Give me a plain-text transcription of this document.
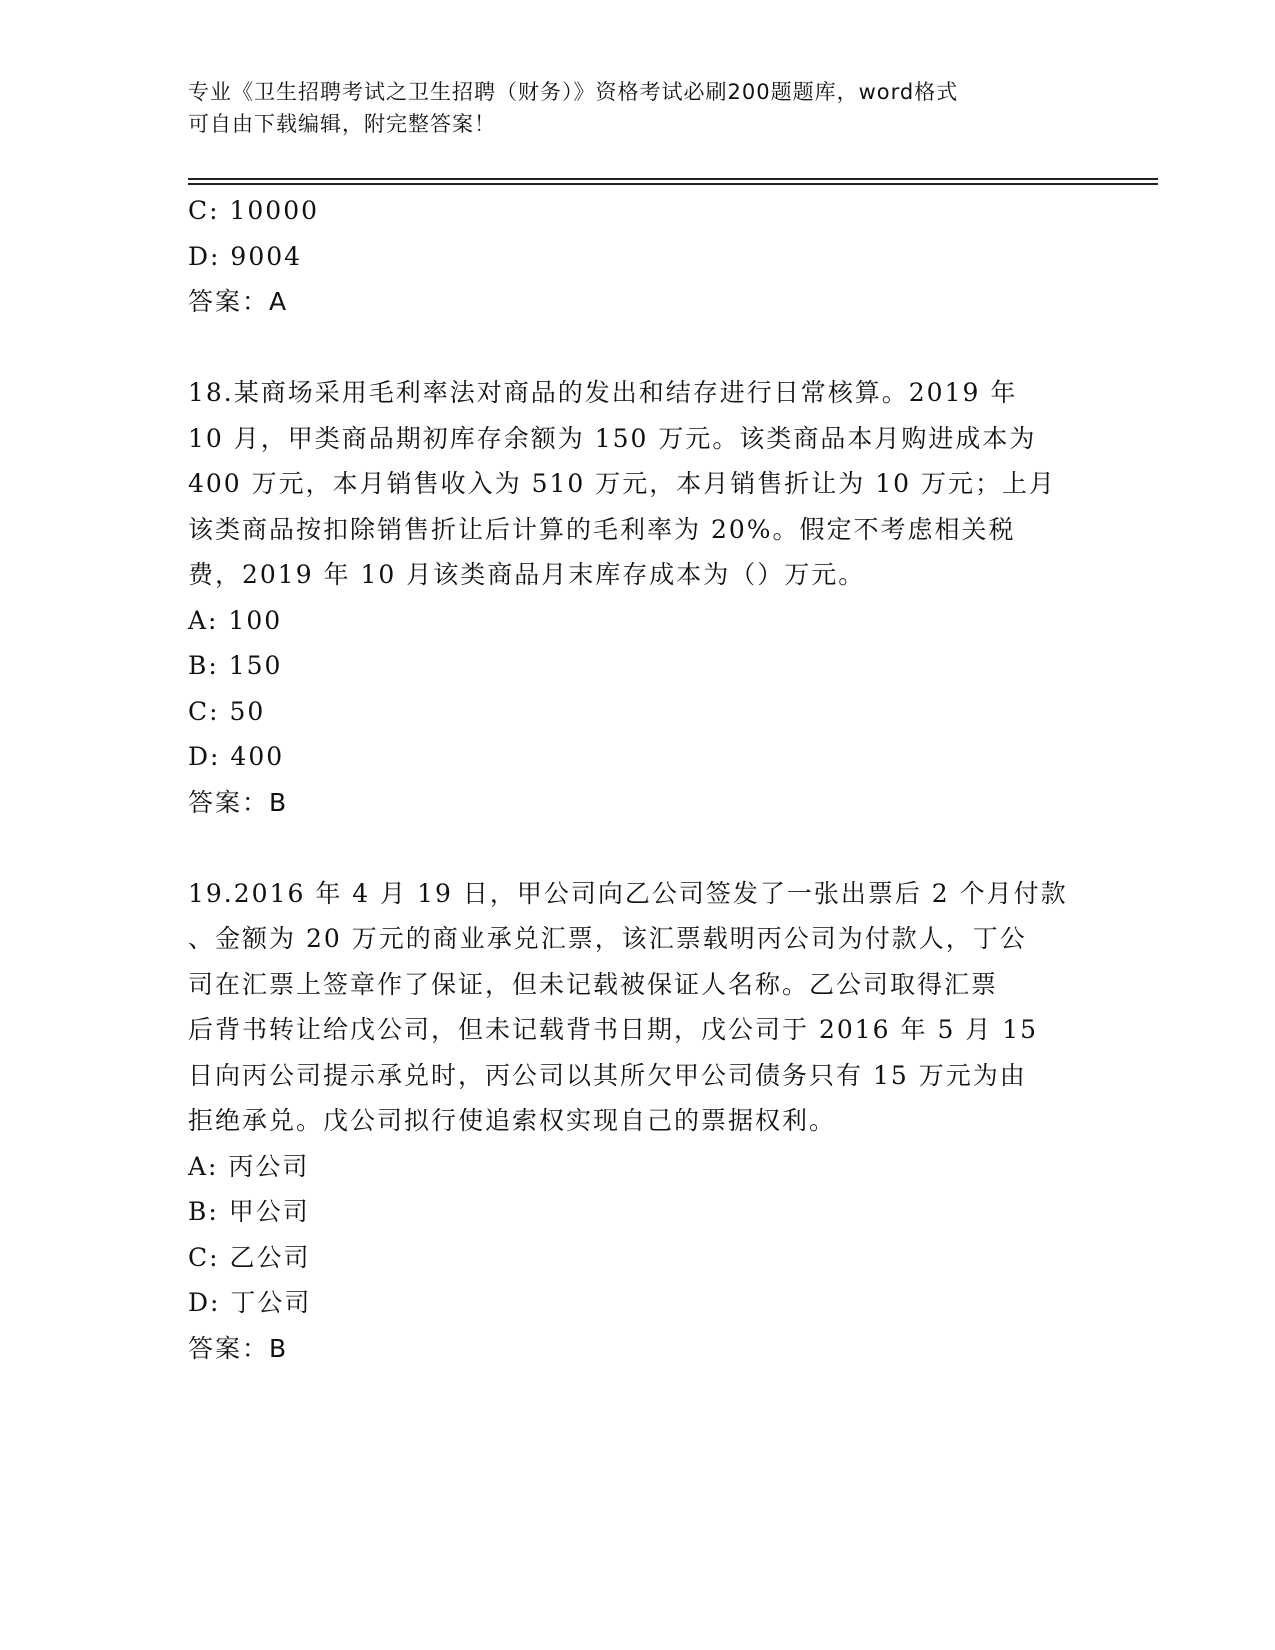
专业《卫生招聘考试之卫生招聘（财务）》资格考试必刷200题题库，word格式
可自由下载编辑，附完整答案！
C: 10000
D: 9004
答案：A
18.某商场采用毛利率法对商品的发出和结存进行日常核算。2019 年
10 月，甲类商品期初库存余额为 150 万元。该类商品本月购进成本为
400 万元，本月销售收入为 510 万元，本月销售折让为 10 万元；上月
该类商品按扣除销售折让后计算的毛利率为 20%。假定不考虑相关税
费，2019 年 10 月该类商品月末库存成本为（）万元。
A: 100
B: 150
C: 50
D: 400
答案：B
19.2016 年 4 月 19 日，甲公司向乙公司签发了一张出票后 2 个月付款
、金额为 20 万元的商业承兑汇票，该汇票载明丙公司为付款人，丁公
司在汇票上签章作了保证，但未记载被保证人名称。乙公司取得汇票
后背书转让给戊公司，但未记载背书日期，戊公司于 2016 年 5 月 15
日向丙公司提示承兑时，丙公司以其所欠甲公司债务只有 15 万元为由
拒绝承兑。戊公司拟行使追索权实现自己的票据权利。
A: 丙公司
B: 甲公司
C: 乙公司
D: 丁公司
答案：B
